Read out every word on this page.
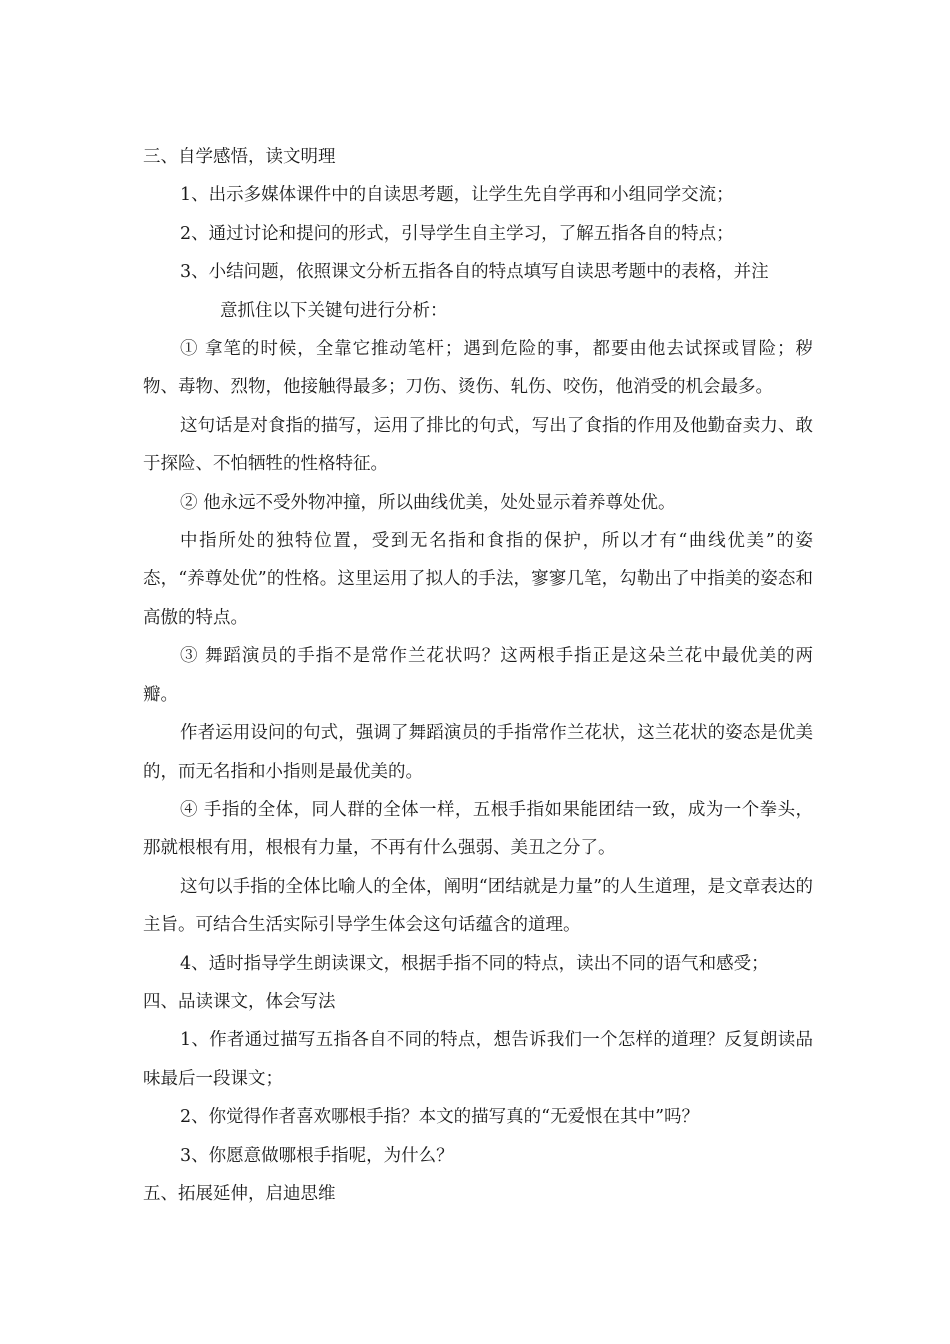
三、自学感悟，读文明理

1、出示多媒体课件中的自读思考题，让学生先自学再和小组同学交流；

2、通过讨论和提问的形式，引导学生自主学习，了解五指各自的特点；

3、小结问题，依照课文分析五指各自的特点填写自读思考题中的表格，并注
意抓住以下关键句进行分析：

① 拿笔的时候，全靠它推动笔杆；遇到危险的事，都要由他去试探或冒险；秽物、毒物、烈物，他接触得最多；刀伤、烫伤、轧伤、咬伤，他消受的机会最多。

这句话是对食指的描写，运用了排比的句式，写出了食指的作用及他勤奋卖力、敢于探险、不怕牺牲的性格特征。

② 他永远不受外物冲撞，所以曲线优美，处处显示着养尊处优。

中指所处的独特位置，受到无名指和食指的保护，所以才有“曲线优美”的姿态，“养尊处优”的性格。这里运用了拟人的手法，寥寥几笔，勾勒出了中指美的姿态和高傲的特点。

③ 舞蹈演员的手指不是常作兰花状吗？这两根手指正是这朵兰花中最优美的两瓣。

作者运用设问的句式，强调了舞蹈演员的手指常作兰花状，这兰花状的姿态是优美的，而无名指和小指则是最优美的。

④ 手指的全体，同人群的全体一样，五根手指如果能团结一致，成为一个拳头，那就根根有用，根根有力量，不再有什么强弱、美丑之分了。

这句以手指的全体比喻人的全体，阐明“团结就是力量”的人生道理，是文章表达的主旨。可结合生活实际引导学生体会这句话蕴含的道理。

4、适时指导学生朗读课文，根据手指不同的特点，读出不同的语气和感受；

四、品读课文，体会写法

1、作者通过描写五指各自不同的特点，想告诉我们一个怎样的道理？反复朗读品味最后一段课文；

2、你觉得作者喜欢哪根手指？本文的描写真的“无爱恨在其中”吗？

3、你愿意做哪根手指呢，为什么？

五、拓展延伸，启迪思维
